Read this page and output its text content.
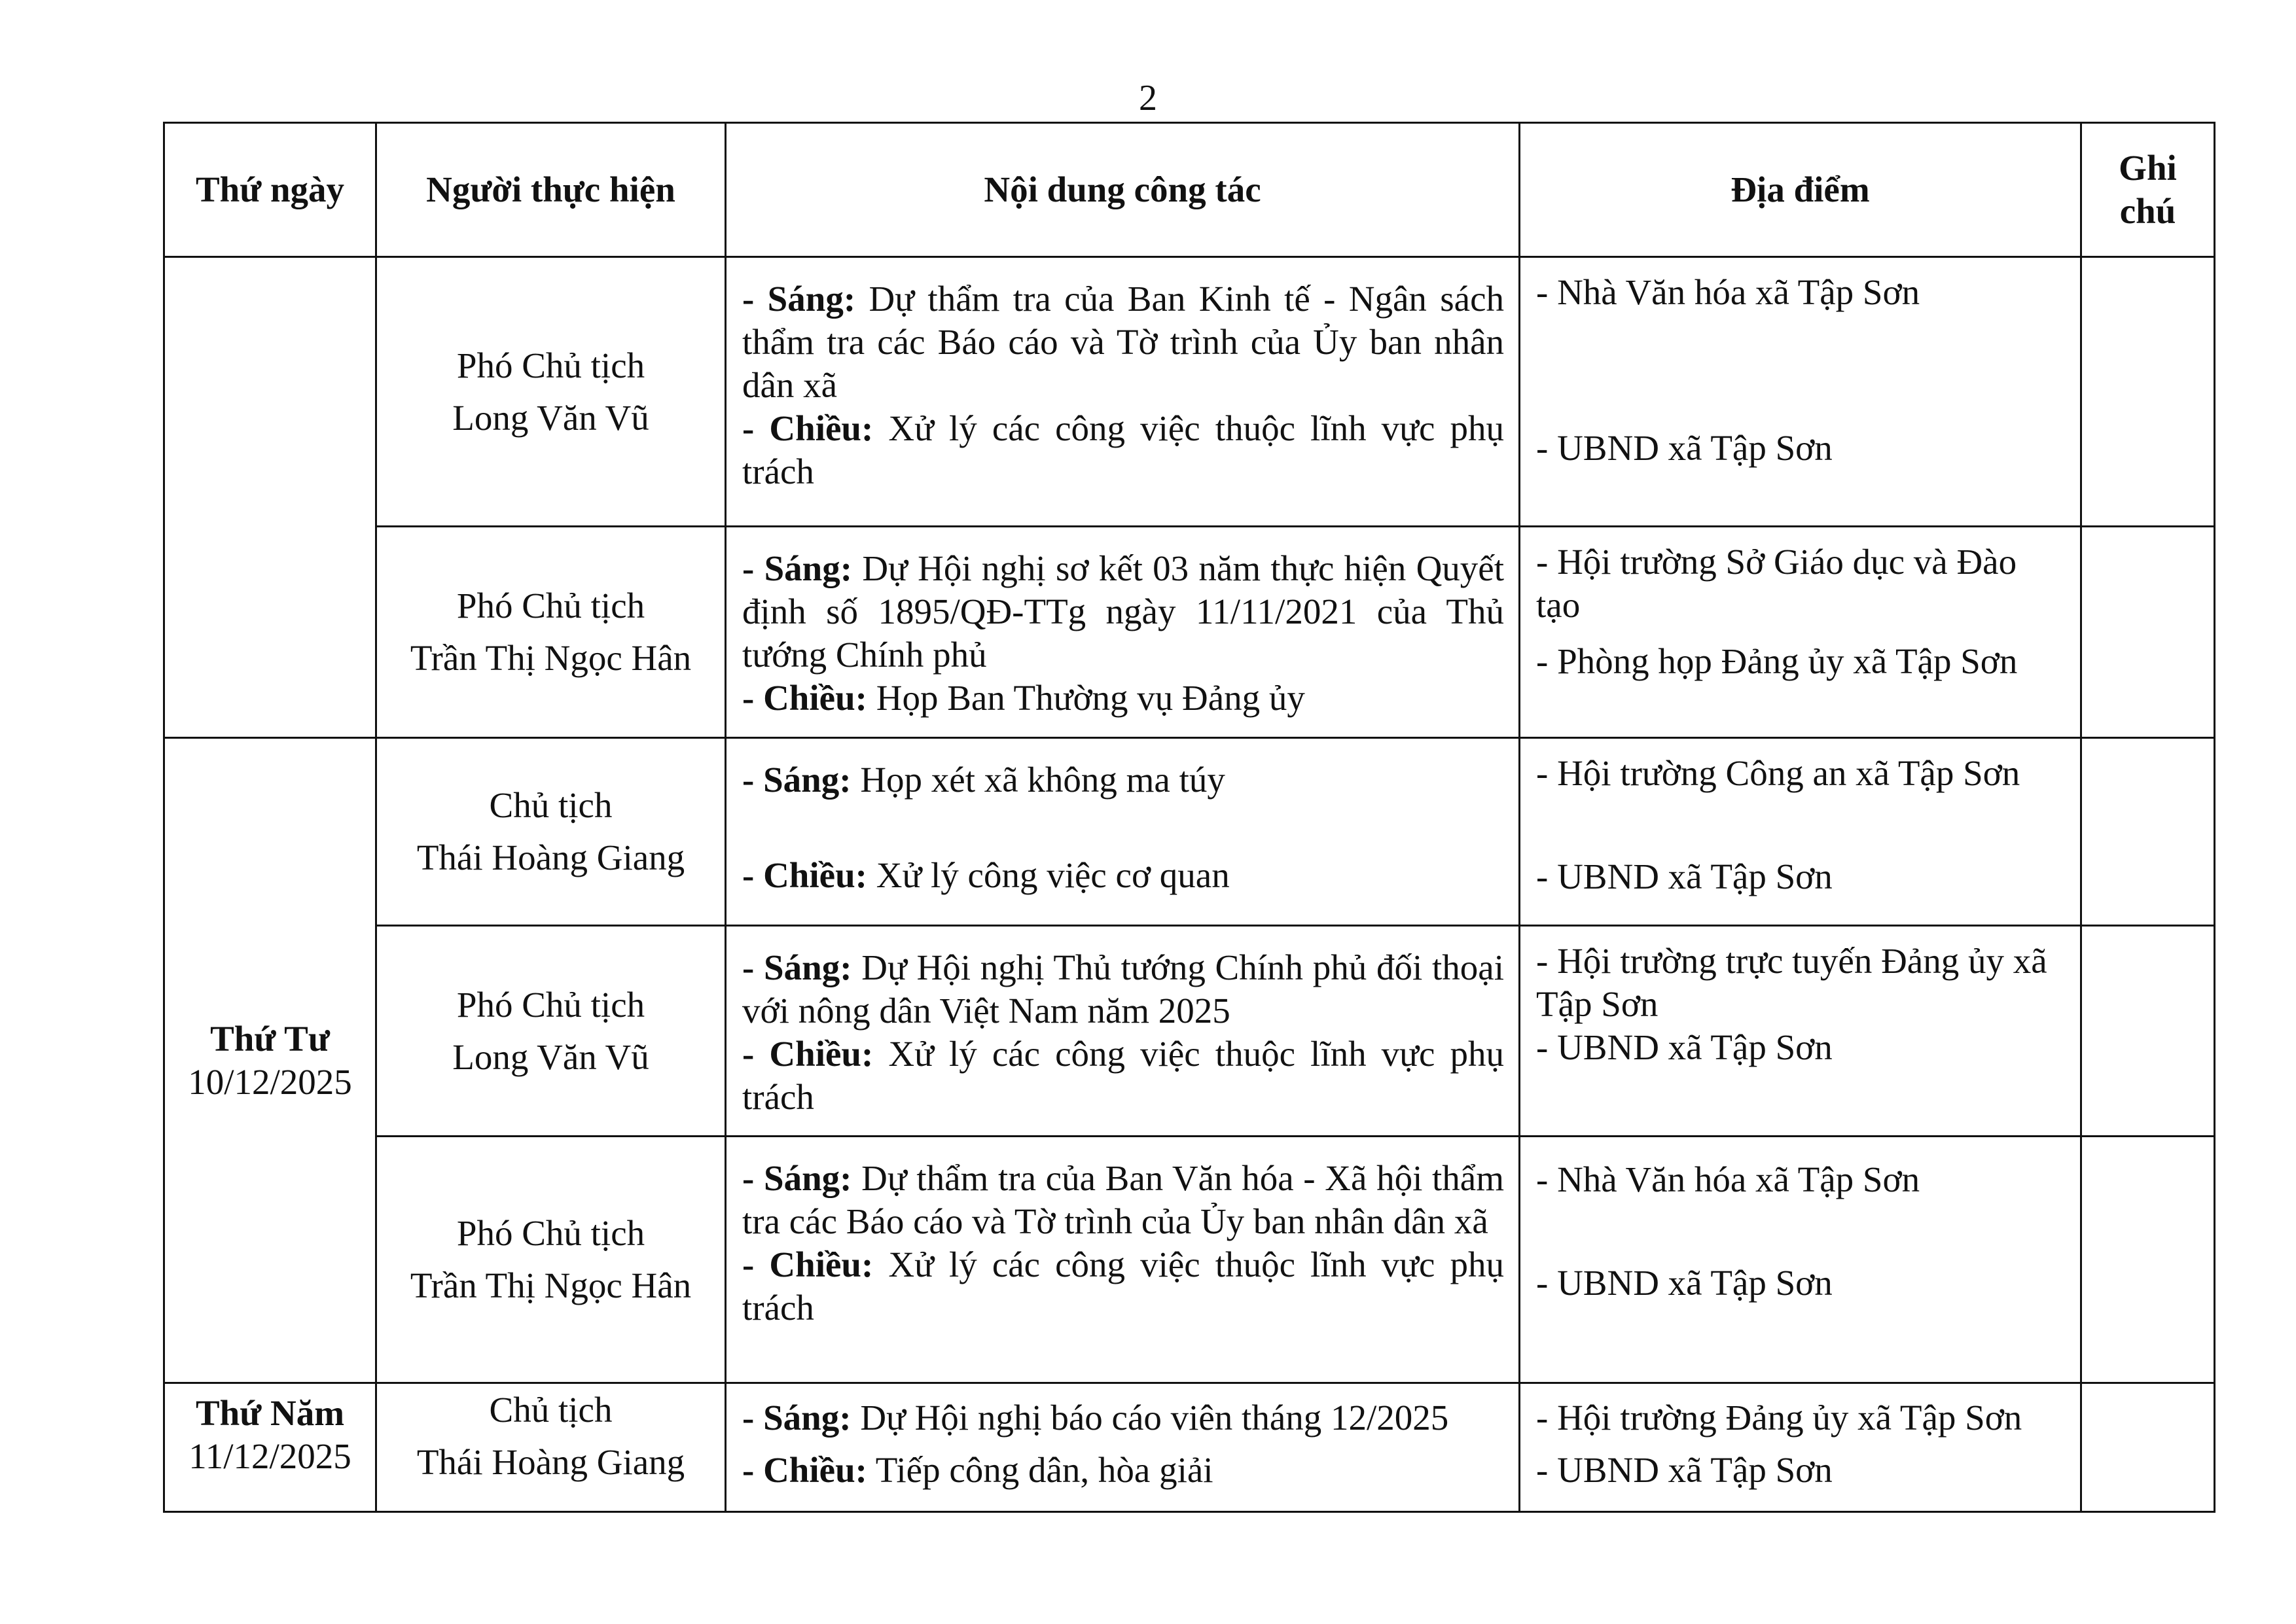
2
Thứ ngày	Người thực hiện	Nội dung công tác	Địa điểm	Ghi
chú

	Phó Chủ tịch
Long Văn Vũ	- Sáng: Dự thẩm tra của Ban Kinh tế - Ngân sách thẩm tra các Báo cáo và Tờ trình của Ủy ban nhân dân xã
- Chiều: Xử lý các công việc thuộc lĩnh vực phụ trách	- Nhà Văn hóa xã Tập Sơn
- UBND xã Tập Sơn	

	Phó Chủ tịch
Trần Thị Ngọc Hân	- Sáng: Dự Hội nghị sơ kết 03 năm thực hiện Quyết định số 1895/QĐ-TTg ngày 11/11/2021 của Thủ tướng Chính phủ
- Chiều: Họp Ban Thường vụ Đảng ủy	- Hội trường Sở Giáo dục và Đào tạo
- Phòng họp Đảng ủy xã Tập Sơn	

Thứ Tư
10/12/2025	Chủ tịch
Thái Hoàng Giang	- Sáng: Họp xét xã không ma túy
- Chiều: Xử lý công việc cơ quan	- Hội trường Công an xã Tập Sơn
- UBND xã Tập Sơn	

	Phó Chủ tịch
Long Văn Vũ	- Sáng: Dự Hội nghị Thủ tướng Chính phủ đối thoại với nông dân Việt Nam năm 2025
- Chiều: Xử lý các công việc thuộc lĩnh vực phụ trách	- Hội trường trực tuyến Đảng ủy xã Tập Sơn
- UBND xã Tập Sơn	

	Phó Chủ tịch
Trần Thị Ngọc Hân	- Sáng: Dự thẩm tra của Ban Văn hóa - Xã hội thẩm tra các Báo cáo và Tờ trình của Ủy ban nhân dân xã
- Chiều: Xử lý các công việc thuộc lĩnh vực phụ trách	- Nhà Văn hóa xã Tập Sơn
- UBND xã Tập Sơn	

Thứ Năm
11/12/2025	Chủ tịch
Thái Hoàng Giang	- Sáng: Dự Hội nghị báo cáo viên tháng 12/2025
- Chiều: Tiếp công dân, hòa giải	- Hội trường Đảng ủy xã Tập Sơn
- UBND xã Tập Sơn	
